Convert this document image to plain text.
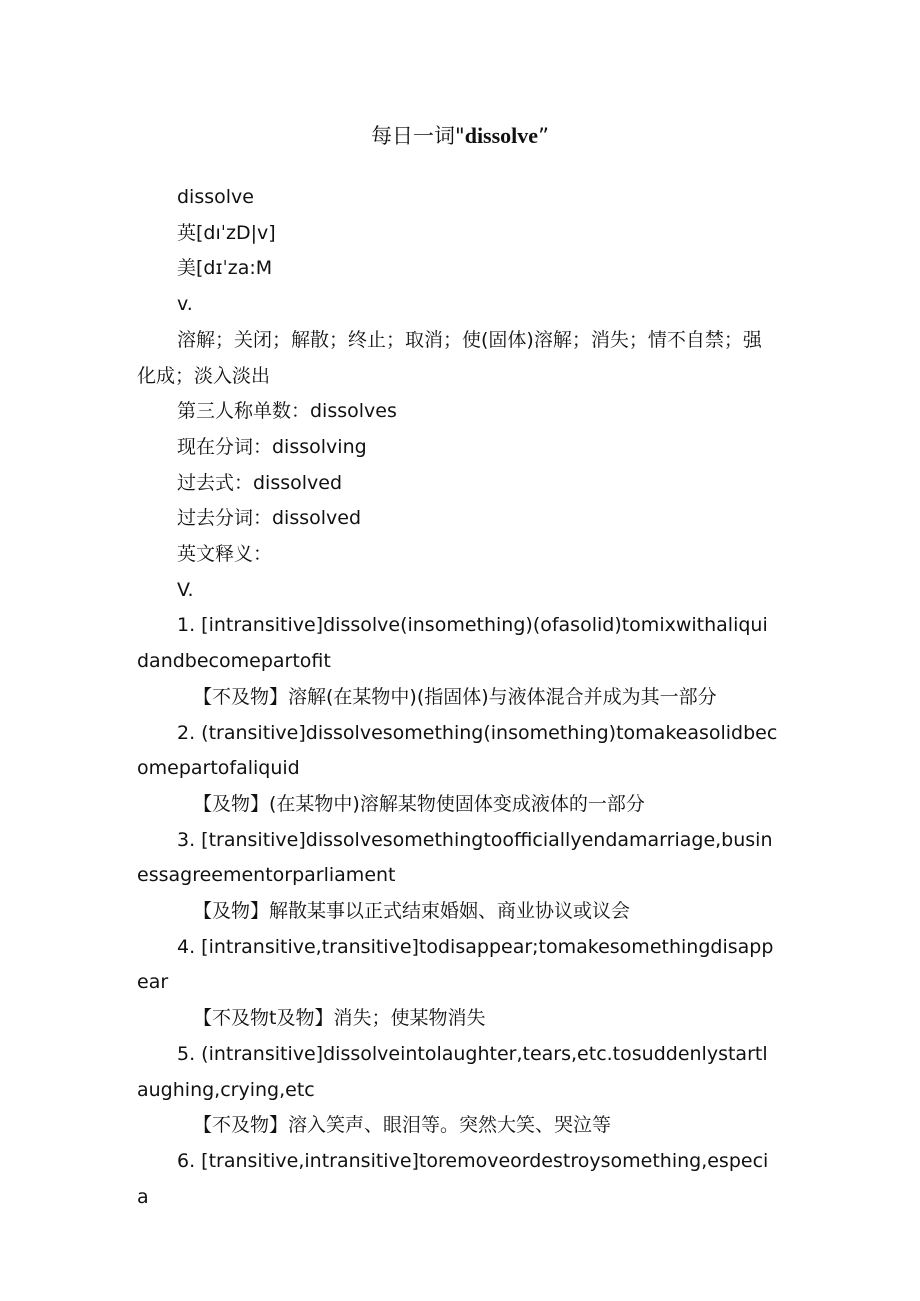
每日一词"dissolve”

dissolve

英[dıˈzD|v]

美[dɪˈza:M

v.

溶解；关闭；解散；终止；取消；使(固体)溶解；消失；情不自禁；强化成；淡入淡出

第三人称单数：dissolves

现在分词：dissolving

过去式：dissolved

过去分词：dissolved

英文释义：

V.

1. [intransitive]dissolve(insomething)(ofasolid)tomixwithaliquidandbecomepartofit

【不及物】溶解(在某物中)(指固体)与液体混合并成为其一部分

2. (transitive]dissolvesomething(insomething)tomakeasolidbecomepartofaliquid

【及物】(在某物中)溶解某物使固体变成液体的一部分

3. [transitive]dissolvesomethingtoofficiallyendamarriage,businessagreementorparliament

【及物】解散某事以正式结束婚姻、商业协议或议会

4. [intransitive,transitive]todisappear;tomakesomethingdisappear

【不及物t及物】消失；使某物消失

5. (intransitive]dissolveintolaughter,tears,etc.tosuddenlystartlaughing,crying,etc

【不及物】溶入笑声、眼泪等。突然大笑、哭泣等

6. [transitive,intransitive]toremoveordestroysomething,especia
